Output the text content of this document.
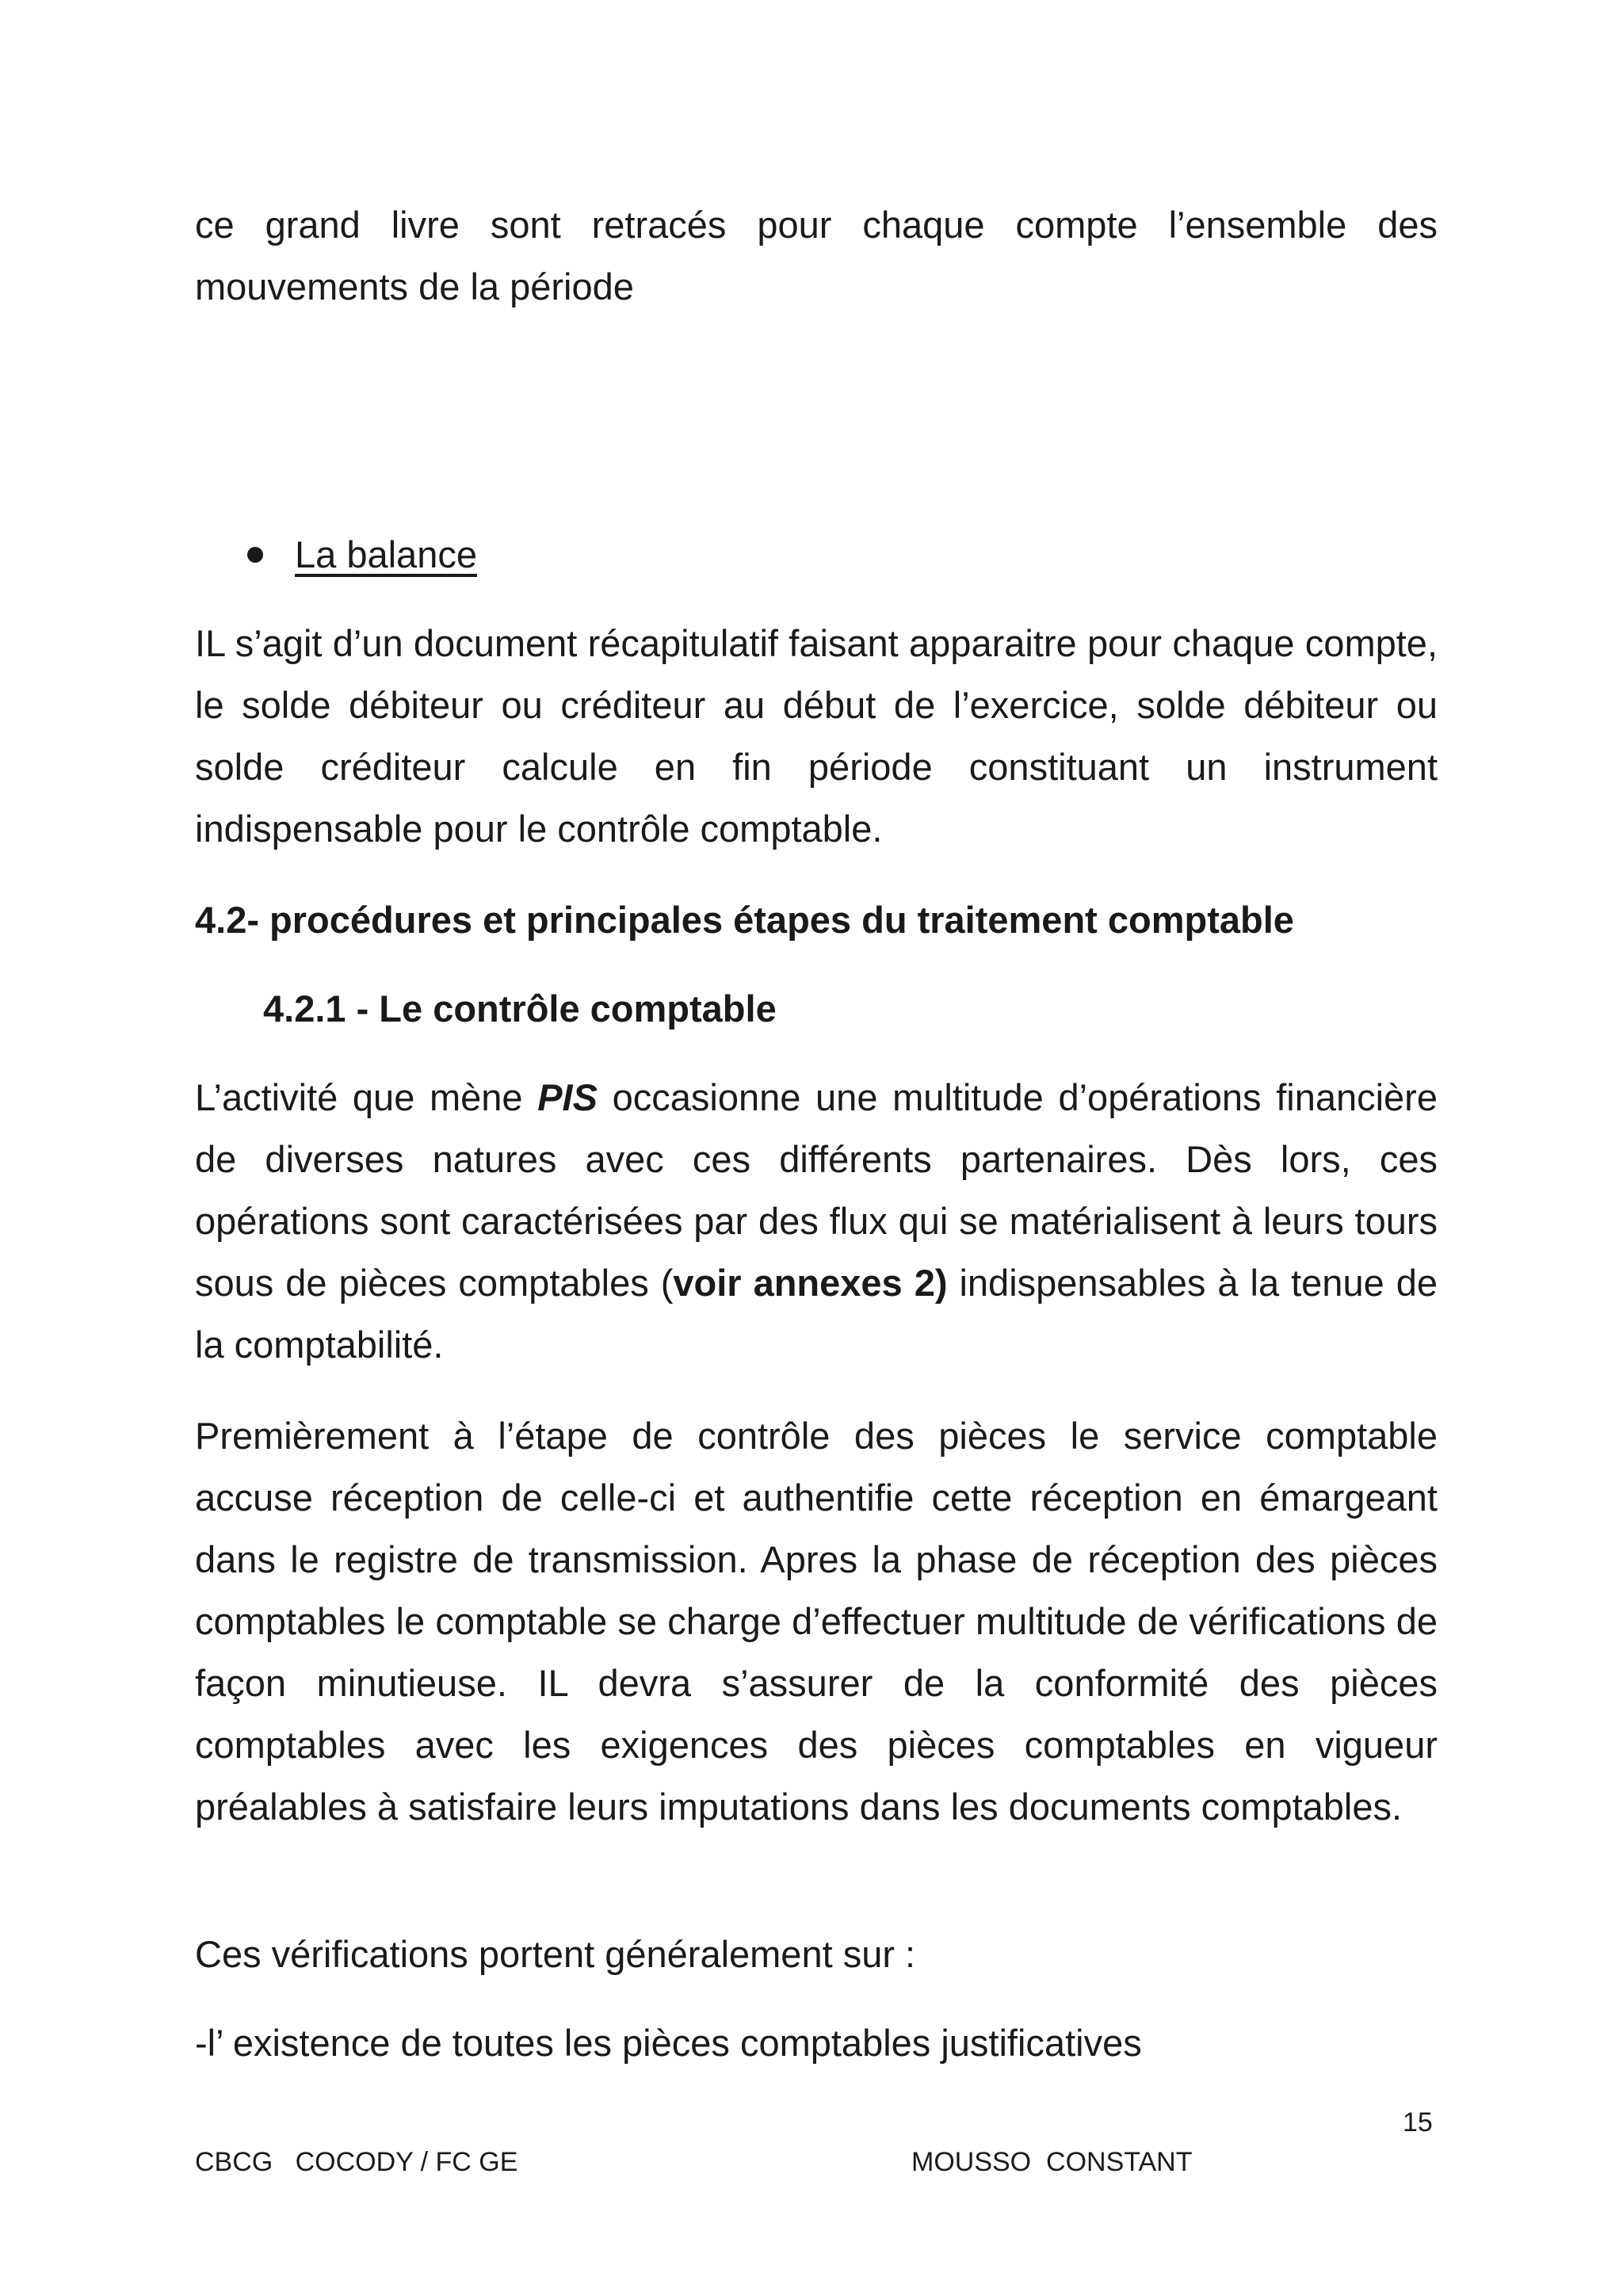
ce grand livre sont retracés pour chaque compte l’ensemble des mouvements de la période

La balance

IL s’agit d’un document récapitulatif faisant apparaitre pour chaque compte, le solde débiteur ou créditeur au début de l’exercice, solde débiteur ou solde créditeur calcule en fin période constituant un instrument indispensable pour le contrôle comptable.

4.2- procédures et principales étapes du traitement comptable

4.2.1 - Le contrôle comptable

L’activité que mène PIS occasionne une multitude d’opérations financière de diverses natures avec ces différents partenaires. Dès lors, ces opérations sont caractérisées par des flux qui se matérialisent à leurs tours sous de pièces comptables (voir annexes 2) indispensables à la tenue de la comptabilité.

Premièrement à l’étape de contrôle des pièces le service comptable accuse réception de celle-ci et authentifie cette réception en émargeant dans le registre de transmission. Apres la phase de réception des pièces comptables le comptable se charge d’effectuer multitude de vérifications de façon minutieuse. IL devra s’assurer de la conformité des pièces comptables avec les exigences des pièces comptables en vigueur préalables à satisfaire leurs imputations dans les documents comptables.

Ces vérifications portent généralement sur :

-l’ existence de toutes les pièces comptables justificatives

15
CBCG   COCODY / FC GE	MOUSSO  CONSTANT
